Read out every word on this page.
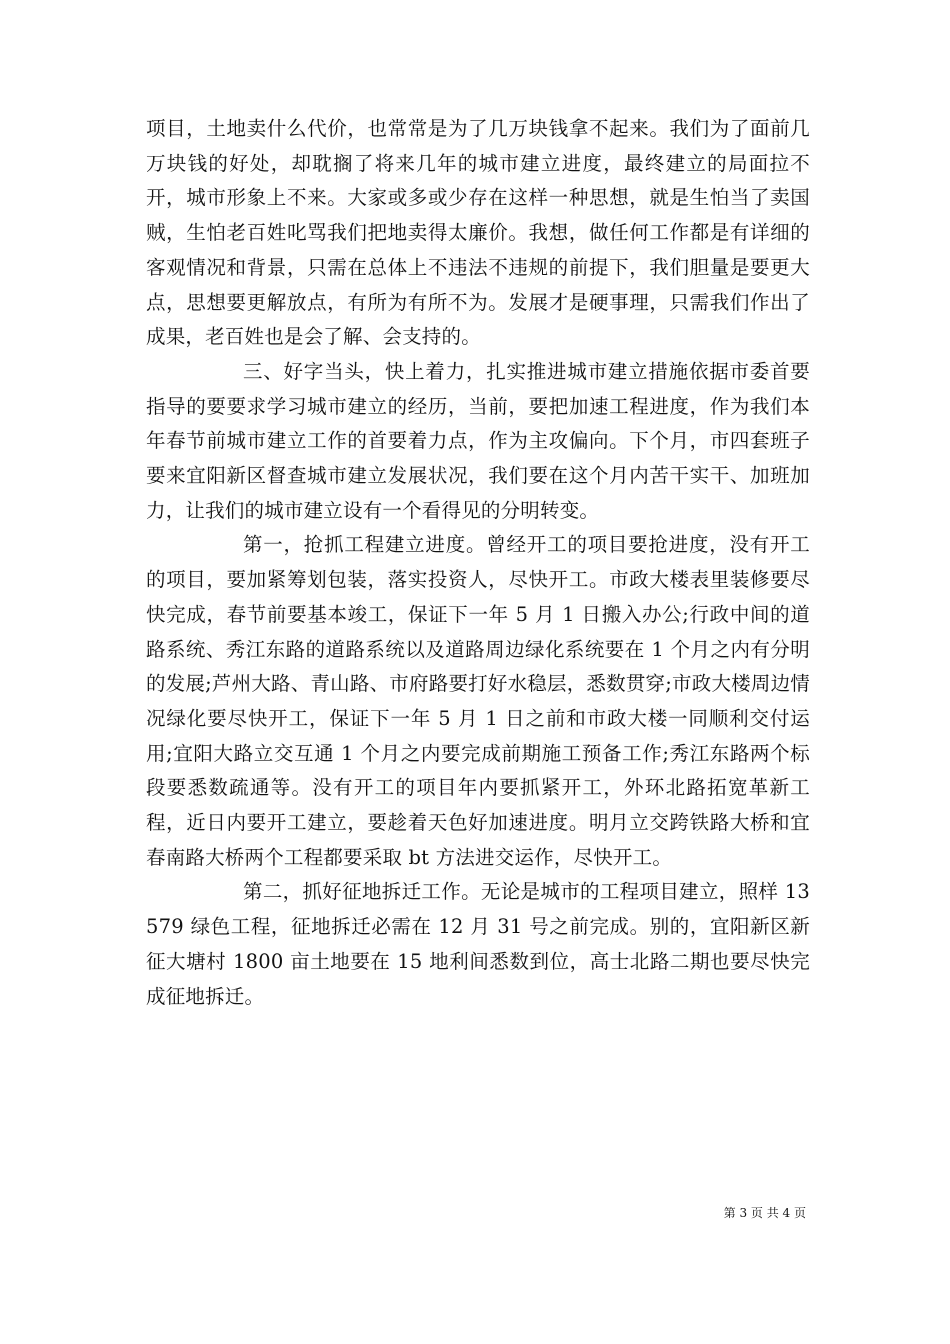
项目，土地卖什么代价，也常常是为了几万块钱拿不起来。我们为了面前几万块钱的好处，却耽搁了将来几年的城市建立进度，最终建立的局面拉不开，城市形象上不来。大家或多或少存在这样一种思想，就是生怕当了卖国贼，生怕老百姓叱骂我们把地卖得太廉价。我想，做任何工作都是有详细的客观情况和背景，只需在总体上不违法不违规的前提下，我们胆量是要更大点，思想要更解放点，有所为有所不为。发展才是硬事理，只需我们作出了成果，老百姓也是会了解、会支持的。

三、好字当头，快上着力，扎实推进城市建立措施依据市委首要指导的要要求学习城市建立的经历，当前，要把加速工程进度，作为我们本年春节前城市建立工作的首要着力点，作为主攻偏向。下个月，市四套班子要来宜阳新区督查城市建立发展状况，我们要在这个月内苦干实干、加班加力，让我们的城市建立设有一个看得见的分明转变。

第一，抢抓工程建立进度。曾经开工的项目要抢进度，没有开工的项目，要加紧筹划包装，落实投资人，尽快开工。市政大楼表里装修要尽快完成，春节前要基本竣工，保证下一年 5 月 1 日搬入办公;行政中间的道路系统、秀江东路的道路系统以及道路周边绿化系统要在 1 个月之内有分明的发展;芦州大路、青山路、市府路要打好水稳层，悉数贯穿;市政大楼周边情况绿化要尽快开工，保证下一年 5 月 1 日之前和市政大楼一同顺利交付运用;宜阳大路立交互通 1 个月之内要完成前期施工预备工作;秀江东路两个标段要悉数疏通等。没有开工的项目年内要抓紧开工，外环北路拓宽革新工程，近日内要开工建立，要趁着天色好加速进度。明月立交跨铁路大桥和宜春南路大桥两个工程都要采取 bt 方法进交运作，尽快开工。

第二，抓好征地拆迁工作。无论是城市的工程项目建立，照样 13579 绿色工程，征地拆迁必需在 12 月 31 号之前完成。别的，宜阳新区新征大塘村 1800 亩土地要在 15 地利间悉数到位，高士北路二期也要尽快完成征地拆迁。

第 3 页 共 4 页
